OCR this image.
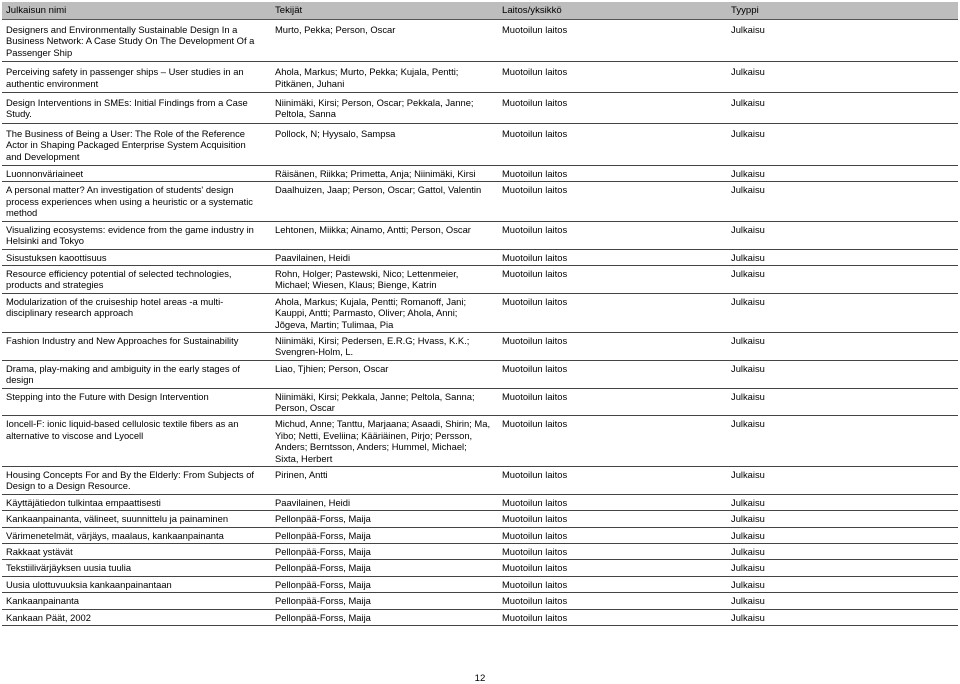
Julkaisun nimi	Tekijät	Laitos/yksikkö	Tyyppi
Designers and Environmentally Sustainable Design In a Business Network: A Case Study On The Development Of a Passenger Ship	Murto, Pekka; Person, Oscar	Muotoilun laitos	Julkaisu
Perceiving safety in passenger ships – User studies in an authentic environment	Ahola, Markus; Murto, Pekka; Kujala, Pentti; Pitkänen, Juhani	Muotoilun laitos	Julkaisu
Design Interventions in SMEs: Initial Findings from a Case Study.	Niinimäki, Kirsi; Person, Oscar; Pekkala, Janne; Peltola, Sanna	Muotoilun laitos	Julkaisu
The Business of Being a User: The Role of the Reference Actor in Shaping Packaged Enterprise System Acquisition and Development	Pollock, N; Hyysalo, Sampsa	Muotoilun laitos	Julkaisu
Luonnonväriaineet	Räisänen, Riikka; Primetta, Anja; Niinimäki, Kirsi	Muotoilun laitos	Julkaisu
A personal matter? An investigation of students' design process experiences when using a heuristic or a systematic method	Daalhuizen, Jaap; Person, Oscar; Gattol, Valentin	Muotoilun laitos	Julkaisu
Visualizing ecosystems: evidence from the game industry in Helsinki and Tokyo	Lehtonen, Miikka; Ainamo, Antti; Person, Oscar	Muotoilun laitos	Julkaisu
Sisustuksen kaoottisuus	Paavilainen, Heidi	Muotoilun laitos	Julkaisu
Resource efficiency potential of selected technologies, products and strategies	Rohn, Holger; Pastewski, Nico; Lettenmeier, Michael; Wiesen, Klaus; Bienge, Katrin	Muotoilun laitos	Julkaisu
Modularization of the cruiseship hotel areas -a multi-disciplinary research approach	Ahola, Markus; Kujala, Pentti; Romanoff, Jani; Kauppi, Antti; Parmasto, Oliver; Ahola, Anni; Jõgeva, Martin; Tulimaa, Pia	Muotoilun laitos	Julkaisu
Fashion Industry and New Approaches for Sustainability	Niinimäki, Kirsi; Pedersen, E.R.G; Hvass, K.K.; Svengren-Holm, L.	Muotoilun laitos	Julkaisu
Drama, play-making and ambiguity in the early stages of design	Liao, Tjhien; Person, Oscar	Muotoilun laitos	Julkaisu
Stepping into the Future with Design Intervention	Niinimäki, Kirsi; Pekkala, Janne; Peltola, Sanna; Person, Oscar	Muotoilun laitos	Julkaisu
Ioncell-F: ionic liquid-based cellulosic textile fibers as an alternative to viscose and Lyocell	Michud, Anne; Tanttu, Marjaana; Asaadi, Shirin; Ma, Yibo; Netti, Eveliina; Kääriäinen, Pirjo; Persson, Anders; Berntsson, Anders; Hummel, Michael; Sixta, Herbert	Muotoilun laitos	Julkaisu
Housing Concepts For and By the Elderly: From Subjects of Design to a Design Resource.	Pirinen, Antti	Muotoilun laitos	Julkaisu
Käyttäjätiedon tulkintaa empaattisesti	Paavilainen, Heidi	Muotoilun laitos	Julkaisu
Kankaanpainanta, välineet, suunnittelu ja painaminen	Pellonpää-Forss, Maija	Muotoilun laitos	Julkaisu
Värimenetelmät, värjäys, maalaus, kankaanpainanta	Pellonpää-Forss, Maija	Muotoilun laitos	Julkaisu
Rakkaat ystävät	Pellonpää-Forss, Maija	Muotoilun laitos	Julkaisu
Tekstiilivärjäyksen uusia tuulia	Pellonpää-Forss, Maija	Muotoilun laitos	Julkaisu
Uusia ulottuvuuksia kankaanpainantaan	Pellonpää-Forss, Maija	Muotoilun laitos	Julkaisu
Kankaanpainanta	Pellonpää-Forss, Maija	Muotoilun laitos	Julkaisu
Kankaan Päät, 2002	Pellonpää-Forss, Maija	Muotoilun laitos	Julkaisu
12
